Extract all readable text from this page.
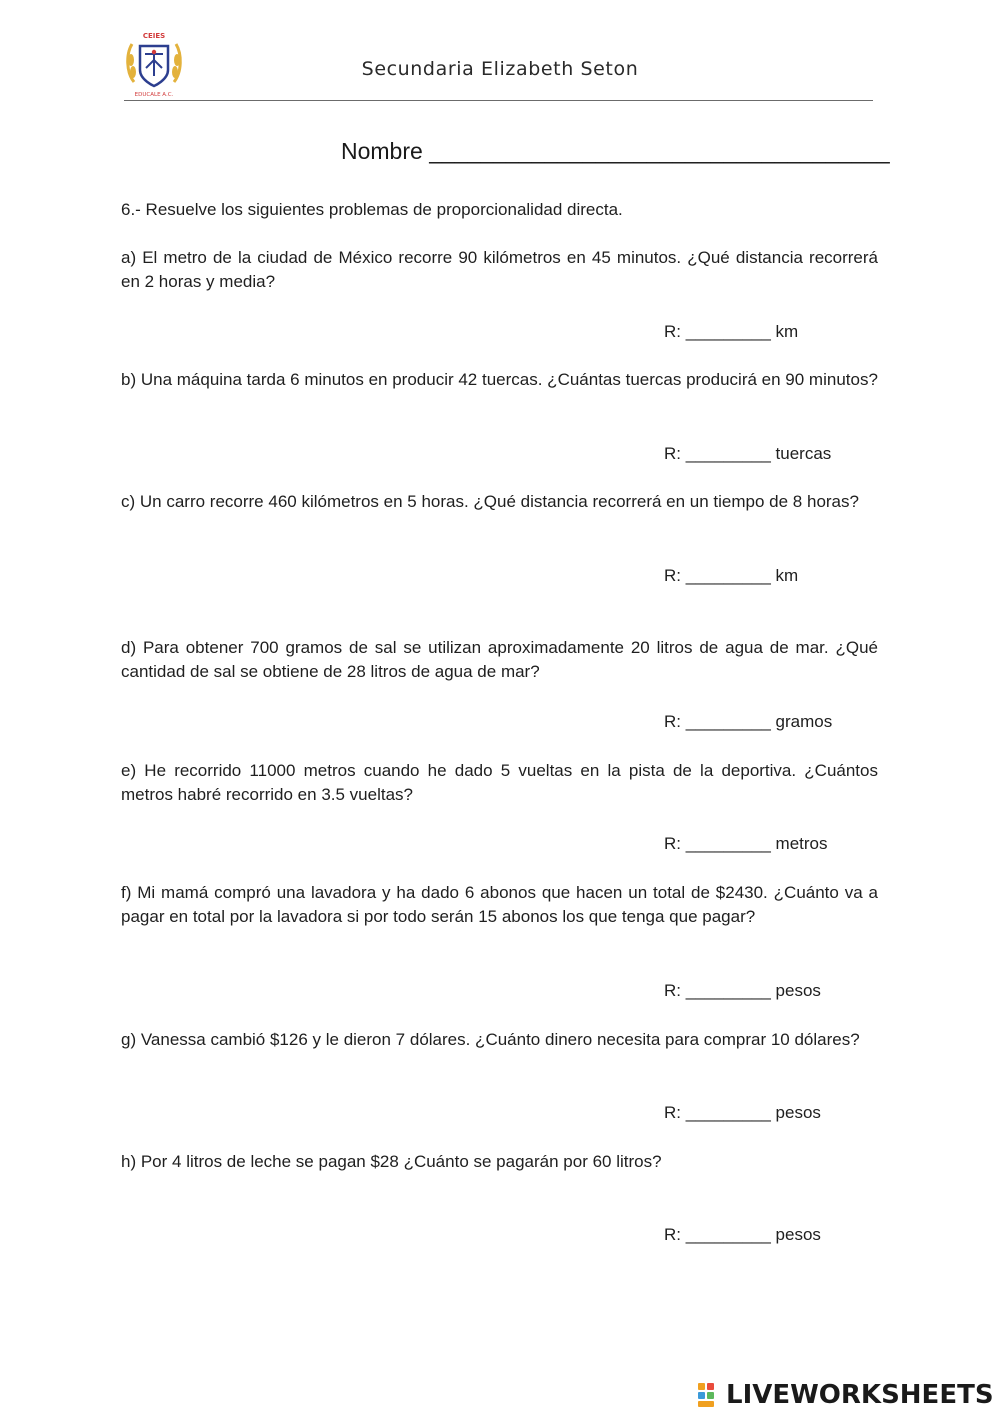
CEIES
EDUCALE A.C.
Secundaria Elizabeth Seton
Nombre ____________________________________
6.- Resuelve los siguientes problemas de proporcionalidad directa.
a) El metro de la ciudad de México recorre 90 kilómetros en 45 minutos. ¿Qué distancia recorrerá en 2 horas y media?
R: _________ km
b) Una máquina tarda 6 minutos en producir 42 tuercas. ¿Cuántas tuercas producirá en 90 minutos?
R: _________ tuercas
c) Un carro recorre 460 kilómetros en 5 horas. ¿Qué distancia recorrerá en un tiempo de 8 horas?
R: _________ km
d) Para obtener 700 gramos de sal se utilizan aproximadamente 20 litros de agua de mar. ¿Qué cantidad de sal se obtiene de 28 litros de agua de mar?
R: _________ gramos
e) He recorrido 11000 metros cuando he dado 5 vueltas en la pista de la deportiva. ¿Cuántos metros habré recorrido en 3.5 vueltas?
R: _________ metros
f) Mi mamá compró una lavadora y ha dado 6 abonos que hacen un total de $2430. ¿Cuánto va a pagar en total por la lavadora si por todo serán 15 abonos los que tenga que pagar?
R: _________ pesos
g) Vanessa cambió $126 y le dieron 7 dólares. ¿Cuánto dinero necesita para comprar 10 dólares?
R: _________ pesos
h) Por 4 litros de leche se pagan $28 ¿Cuánto se pagarán por 60 litros?
R: _________ pesos
LIVEWORKSHEETS
